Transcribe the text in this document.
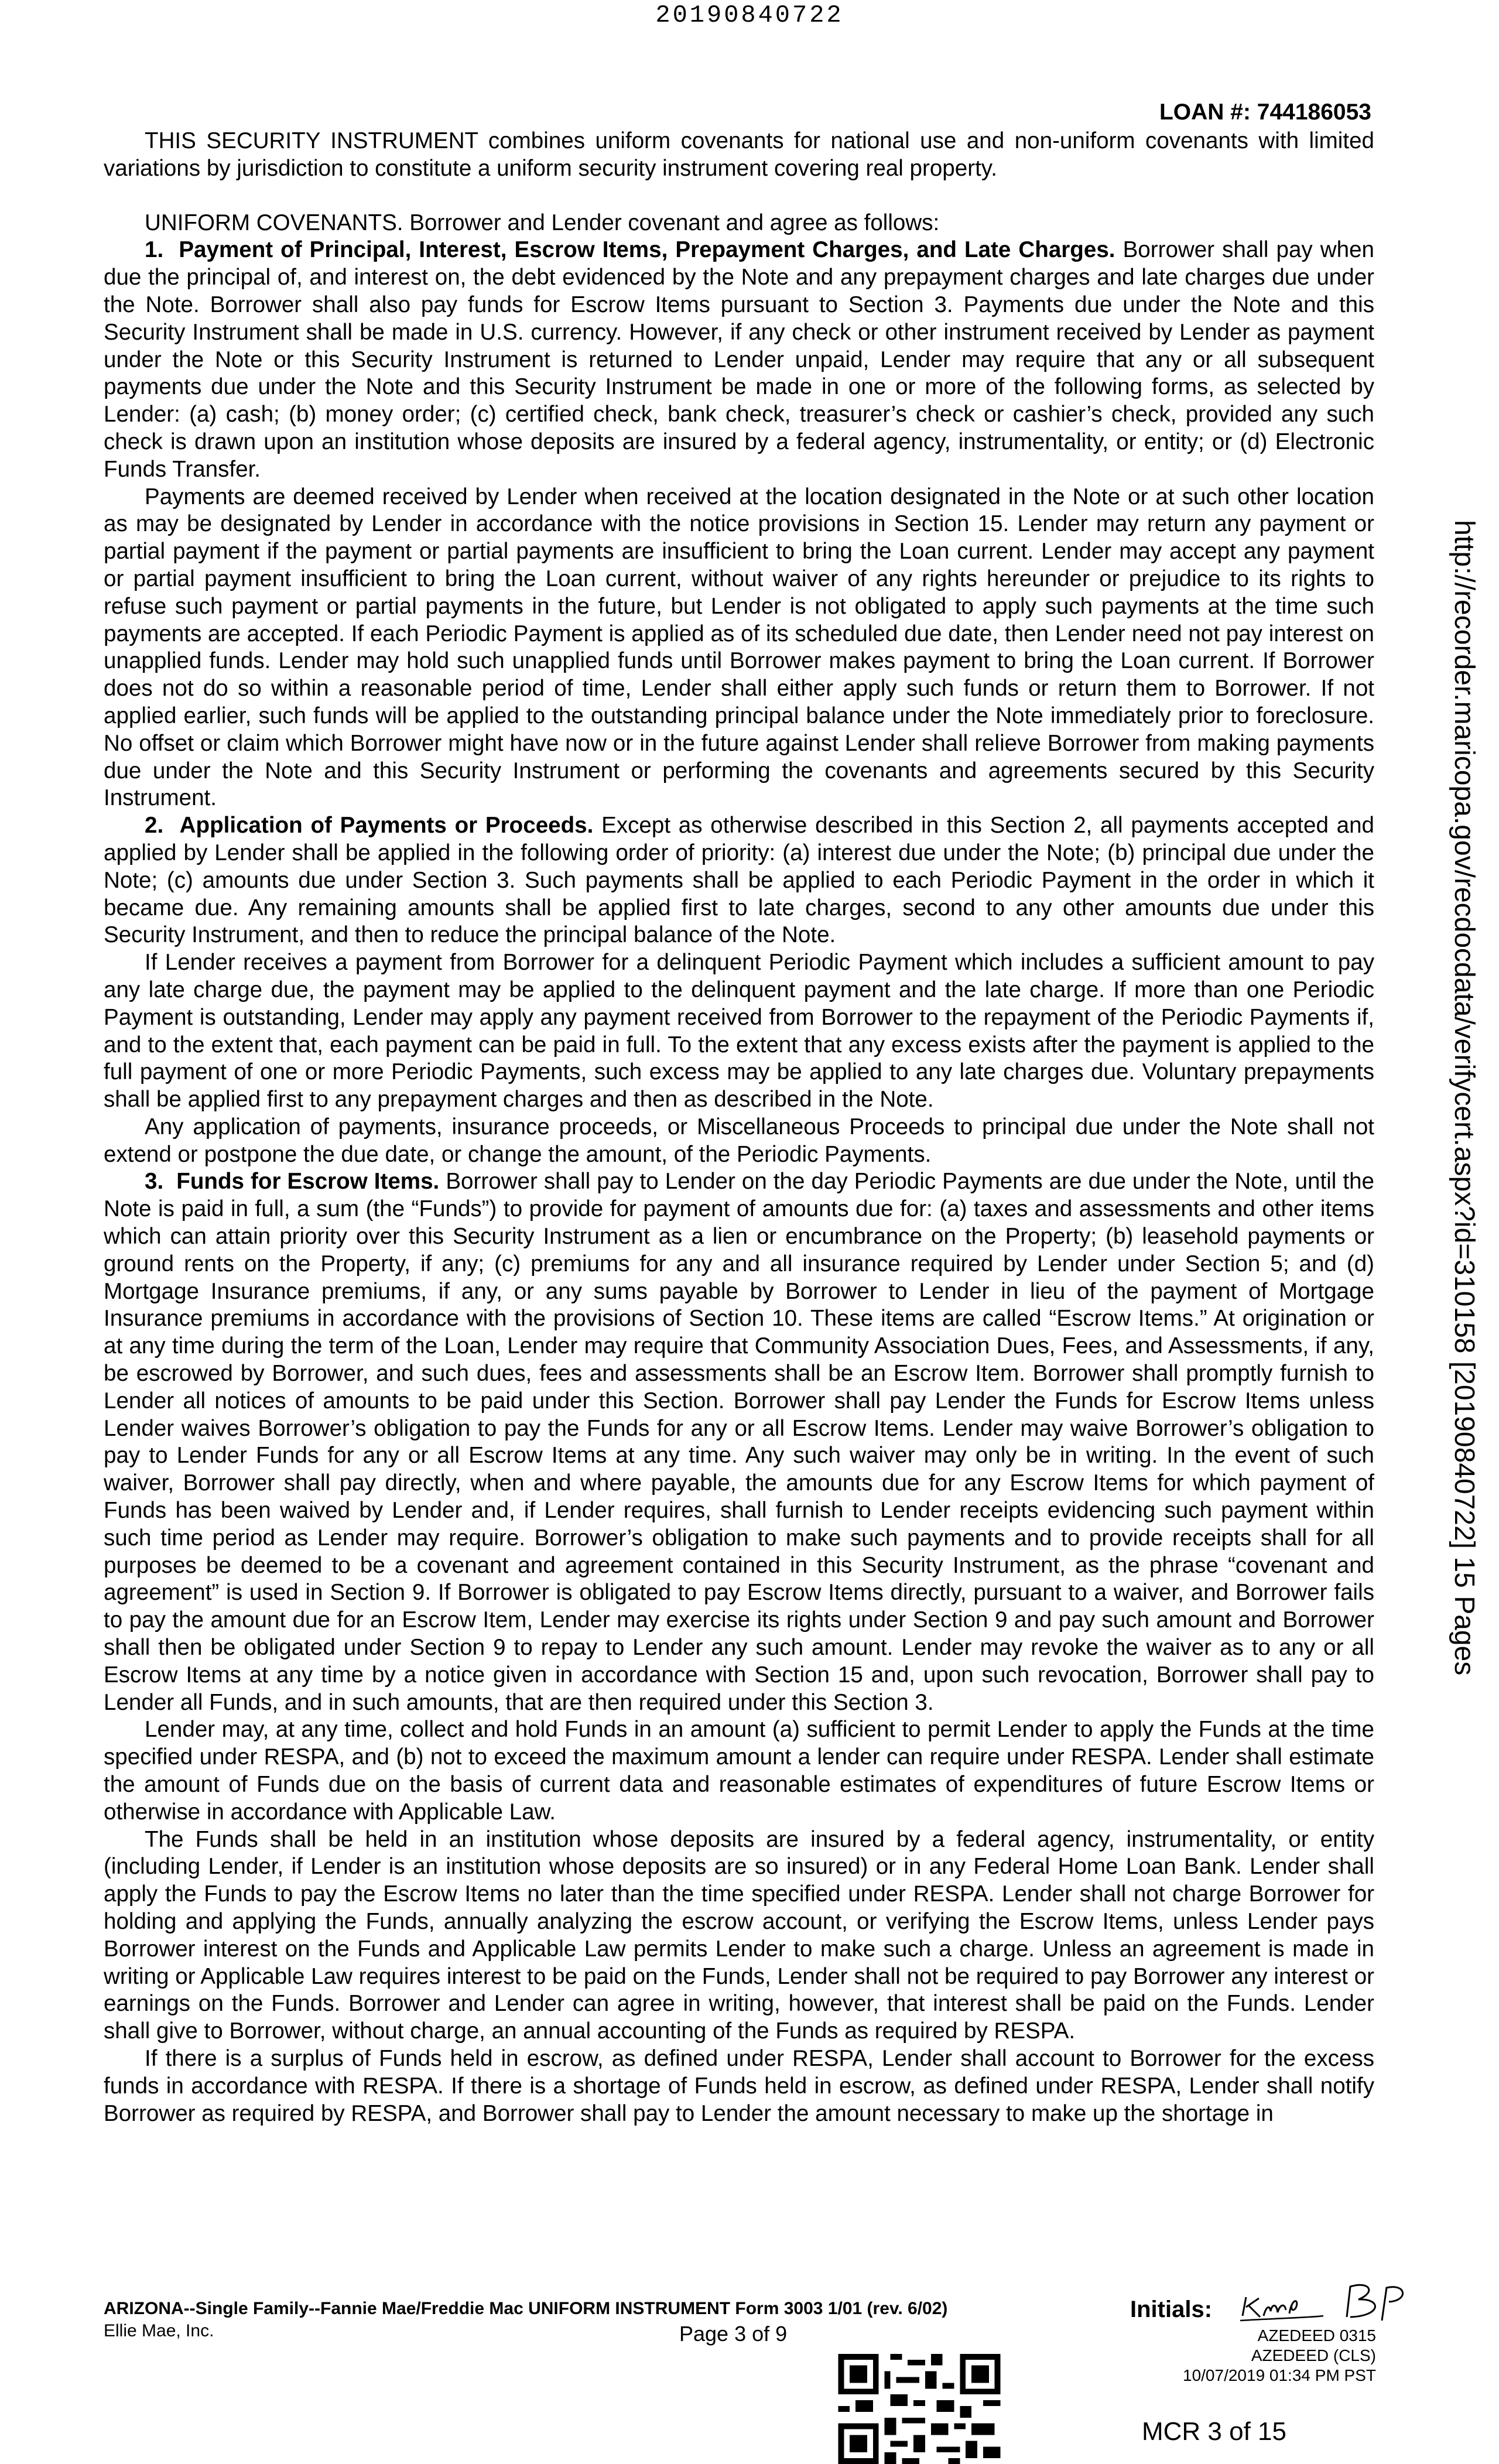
20190840722
LOAN #: 744186053

THIS SECURITY INSTRUMENT combines uniform covenants for national use and non-uniform covenants with limited variations by jurisdiction to constitute a uniform security instrument covering real property.

UNIFORM COVENANTS. Borrower and Lender covenant and agree as follows:

1. Payment of Principal, Interest, Escrow Items, Prepayment Charges, and Late Charges. Borrower shall pay when due the principal of, and interest on, the debt evidenced by the Note and any prepayment charges and late charges due under the Note. Borrower shall also pay funds for Escrow Items pursuant to Section 3. Payments due under the Note and this Security Instrument shall be made in U.S. currency. However, if any check or other instrument received by Lender as payment under the Note or this Security Instrument is returned to Lender unpaid, Lender may require that any or all subsequent payments due under the Note and this Security Instrument be made in one or more of the following forms, as selected by Lender: (a) cash; (b) money order; (c) certified check, bank check, treasurer’s check or cashier’s check, provided any such check is drawn upon an institution whose deposits are insured by a federal agency, instrumentality, or entity; or (d) Electronic Funds Transfer.

Payments are deemed received by Lender when received at the location designated in the Note or at such other location as may be designated by Lender in accordance with the notice provisions in Section 15. Lender may return any payment or partial payment if the payment or partial payments are insufficient to bring the Loan current. Lender may accept any payment or partial payment insufficient to bring the Loan current, without waiver of any rights hereunder or prejudice to its rights to refuse such payment or partial payments in the future, but Lender is not obligated to apply such payments at the time such payments are accepted. If each Periodic Payment is applied as of its scheduled due date, then Lender need not pay interest on unapplied funds. Lender may hold such unapplied funds until Borrower makes payment to bring the Loan current. If Borrower does not do so within a reasonable period of time, Lender shall either apply such funds or return them to Borrower. If not applied earlier, such funds will be applied to the outstanding principal balance under the Note immediately prior to foreclosure. No offset or claim which Borrower might have now or in the future against Lender shall relieve Borrower from making payments due under the Note and this Security Instrument or performing the covenants and agreements secured by this Security Instrument.

2. Application of Payments or Proceeds. Except as otherwise described in this Section 2, all payments accepted and applied by Lender shall be applied in the following order of priority: (a) interest due under the Note; (b) principal due under the Note; (c) amounts due under Section 3. Such payments shall be applied to each Periodic Payment in the order in which it became due. Any remaining amounts shall be applied first to late charges, second to any other amounts due under this Security Instrument, and then to reduce the principal balance of the Note.

If Lender receives a payment from Borrower for a delinquent Periodic Payment which includes a sufficient amount to pay any late charge due, the payment may be applied to the delinquent payment and the late charge. If more than one Periodic Payment is outstanding, Lender may apply any payment received from Borrower to the repayment of the Periodic Payments if, and to the extent that, each payment can be paid in full. To the extent that any excess exists after the payment is applied to the full payment of one or more Periodic Payments, such excess may be applied to any late charges due. Voluntary prepayments shall be applied first to any prepayment charges and then as described in the Note.

Any application of payments, insurance proceeds, or Miscellaneous Proceeds to principal due under the Note shall not extend or postpone the due date, or change the amount, of the Periodic Payments.

3. Funds for Escrow Items. Borrower shall pay to Lender on the day Periodic Payments are due under the Note, until the Note is paid in full, a sum (the “Funds”) to provide for payment of amounts due for: (a) taxes and assessments and other items which can attain priority over this Security Instrument as a lien or encumbrance on the Property; (b) leasehold payments or ground rents on the Property, if any; (c) premiums for any and all insurance required by Lender under Section 5; and (d) Mortgage Insurance premiums, if any, or any sums payable by Borrower to Lender in lieu of the payment of Mortgage Insurance premiums in accordance with the provisions of Section 10. These items are called “Escrow Items.” At origination or at any time during the term of the Loan, Lender may require that Community Association Dues, Fees, and Assessments, if any, be escrowed by Borrower, and such dues, fees and assessments shall be an Escrow Item. Borrower shall promptly furnish to Lender all notices of amounts to be paid under this Section. Borrower shall pay Lender the Funds for Escrow Items unless Lender waives Borrower’s obligation to pay the Funds for any or all Escrow Items. Lender may waive Borrower’s obligation to pay to Lender Funds for any or all Escrow Items at any time. Any such waiver may only be in writing. In the event of such waiver, Borrower shall pay directly, when and where payable, the amounts due for any Escrow Items for which payment of Funds has been waived by Lender and, if Lender requires, shall furnish to Lender receipts evidencing such payment within such time period as Lender may require. Borrower’s obligation to make such payments and to provide receipts shall for all purposes be deemed to be a covenant and agreement contained in this Security Instrument, as the phrase “covenant and agreement” is used in Section 9. If Borrower is obligated to pay Escrow Items directly, pursuant to a waiver, and Borrower fails to pay the amount due for an Escrow Item, Lender may exercise its rights under Section 9 and pay such amount and Borrower shall then be obligated under Section 9 to repay to Lender any such amount. Lender may revoke the waiver as to any or all Escrow Items at any time by a notice given in accordance with Section 15 and, upon such revocation, Borrower shall pay to Lender all Funds, and in such amounts, that are then required under this Section 3.

Lender may, at any time, collect and hold Funds in an amount (a) sufficient to permit Lender to apply the Funds at the time specified under RESPA, and (b) not to exceed the maximum amount a lender can require under RESPA. Lender shall estimate the amount of Funds due on the basis of current data and reasonable estimates of expenditures of future Escrow Items or otherwise in accordance with Applicable Law.

The Funds shall be held in an institution whose deposits are insured by a federal agency, instrumentality, or entity (including Lender, if Lender is an institution whose deposits are so insured) or in any Federal Home Loan Bank. Lender shall apply the Funds to pay the Escrow Items no later than the time specified under RESPA. Lender shall not charge Borrower for holding and applying the Funds, annually analyzing the escrow account, or verifying the Escrow Items, unless Lender pays Borrower interest on the Funds and Applicable Law permits Lender to make such a charge. Unless an agreement is made in writing or Applicable Law requires interest to be paid on the Funds, Lender shall not be required to pay Borrower any interest or earnings on the Funds. Borrower and Lender can agree in writing, however, that interest shall be paid on the Funds. Lender shall give to Borrower, without charge, an annual accounting of the Funds as required by RESPA.

If there is a surplus of Funds held in escrow, as defined under RESPA, Lender shall account to Borrower for the excess funds in accordance with RESPA. If there is a shortage of Funds held in escrow, as defined under RESPA, Lender shall notify Borrower as required by RESPA, and Borrower shall pay to Lender the amount necessary to make up the shortage in

http://recorder.maricopa.gov/recdocdata/verifycert.aspx?id=310158 [20190840722] 15 Pages
ARIZONA--Single Family--Fannie Mae/Freddie Mac UNIFORM INSTRUMENT Form 3003 1/01 (rev. 6/02)
Ellie Mae, Inc.	Page 3 of 9
Initials:
AZEDEED 0315
AZEDEED (CLS)
10/07/2019 01:34 PM PST
MCR 3 of 15
